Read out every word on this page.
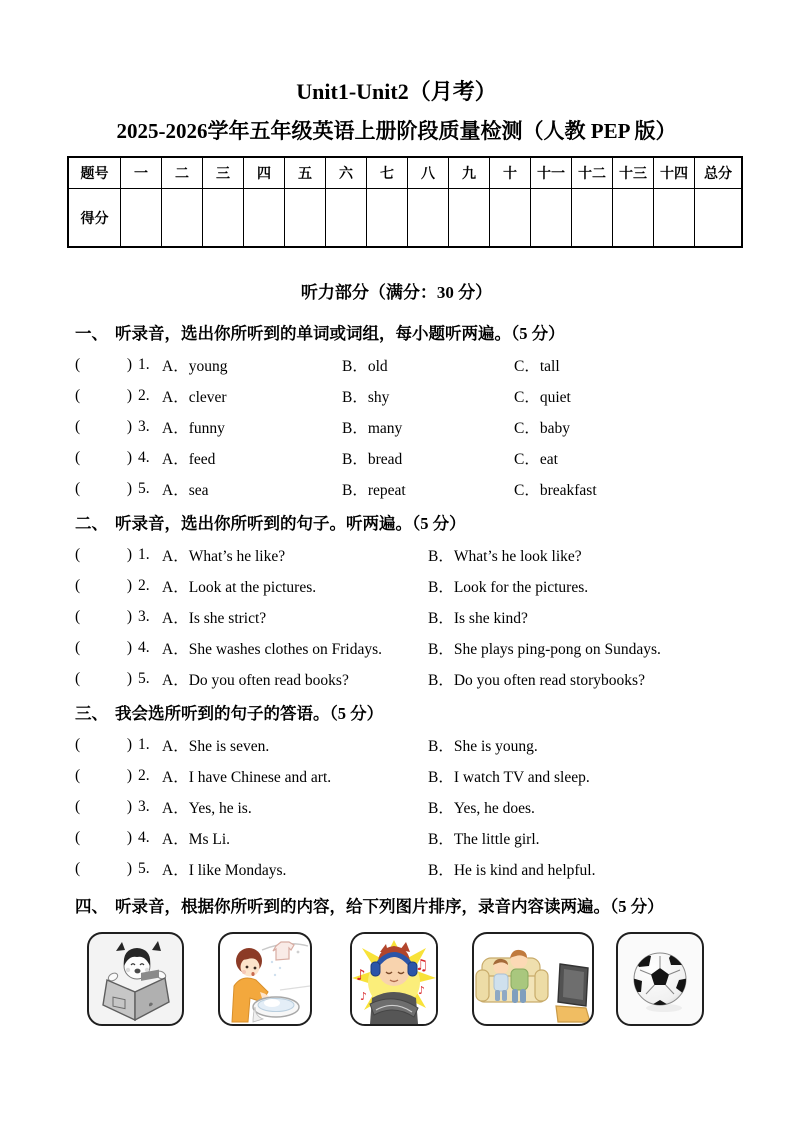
Unit1-Unit2（月考）
2025-2026学年五年级英语上册阶段质量检测（人教 PEP 版）
题号	一	二	三	四	五	六	七	八	九	十	十一	十二	十三	十四	总分
得分															
听力部分（满分：30 分）
一、 听录音，选出你所听到的单词或词组，每小题听两遍。（5 分）
(	) 1. A．young	B．old	C．tall
(	) 2. A．clever	B．shy	C．quiet
(	) 3. A．funny	B．many	C．baby
(	) 4. A．feed	B．bread	C．eat
(	) 5. A．sea	B．repeat	C．breakfast
二、 听录音，选出你所听到的句子。听两遍。（5 分）
(	) 1. A．What’s he like?	B．What’s he look like?
(	) 2. A．Look at the pictures.	B．Look for the pictures.
(	) 3. A．Is she strict?	B．Is she kind?
(	) 4. A．She washes clothes on Fridays.	B．She plays ping-pong on Sundays.
(	) 5. A．Do you often read books?	B．Do you often read storybooks?
三、 我会选所听到的句子的答语。（5 分）
(	) 1. A．She is seven.	B．She is young.
(	) 2. A．I have Chinese and art.	B．I watch TV and sleep.
(	) 3. A．Yes, he is.	B．Yes, he does.
(	) 4. A．Ms Li.	B．The little girl.
(	) 5. A．I like Mondays.	B．He is kind and helpful.
四、 听录音，根据你所听到的内容，给下列图片排序，录音内容读两遍。（5 分）
♪
♪
♫
♪
